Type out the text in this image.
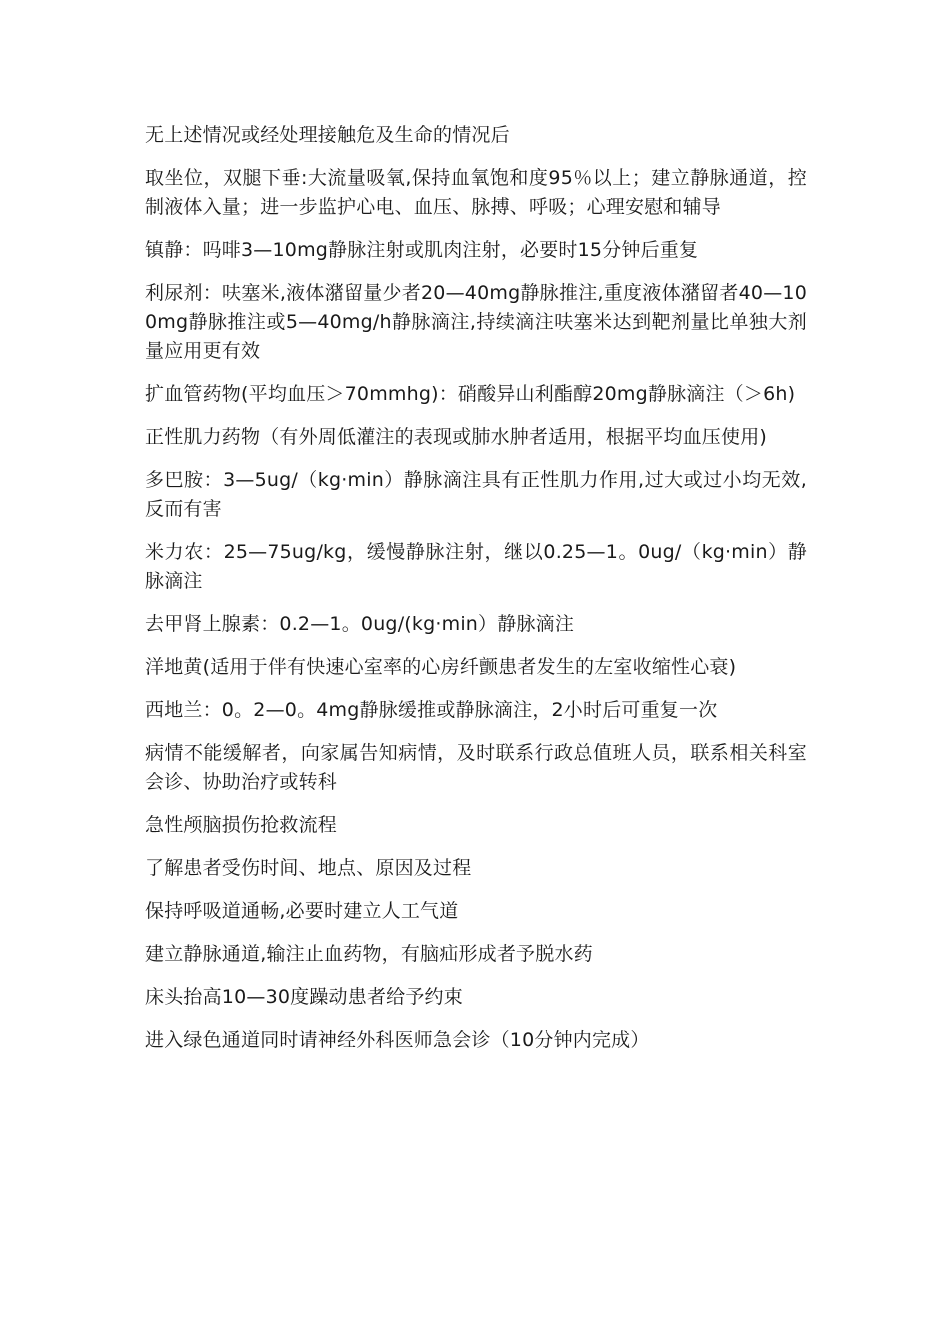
无上述情况或经处理接触危及生命的情况后

取坐位，双腿下垂:大流量吸氧,保持血氧饱和度95％以上；建立静脉通道，控制液体入量；进一步监护心电、血压、脉搏、呼吸；心理安慰和辅导

镇静：吗啡3—10mg静脉注射或肌肉注射，必要时15分钟后重复

利尿剂：呋塞米,液体潴留量少者20—40mg静脉推注,重度液体潴留者40—100mg静脉推注或5—40mg/h静脉滴注,持续滴注呋塞米达到靶剂量比单独大剂量应用更有效

扩血管药物(平均血压＞70mmhg)：硝酸异山利酯醇20mg静脉滴注（＞6h)

正性肌力药物（有外周低灌注的表现或肺水肿者适用，根据平均血压使用)

多巴胺：3—5ug/（kg·min）静脉滴注具有正性肌力作用,过大或过小均无效,反而有害

米力农：25—75ug/kg，缓慢静脉注射，继以0.25—1。0ug/（kg·min）静脉滴注

去甲肾上腺素：0.2—1。0ug/(kg·min）静脉滴注

洋地黄(适用于伴有快速心室率的心房纤颤患者发生的左室收缩性心衰)

西地兰：0。2—0。4mg静脉缓推或静脉滴注，2小时后可重复一次

病情不能缓解者，向家属告知病情，及时联系行政总值班人员，联系相关科室会诊、协助治疗或转科

急性颅脑损伤抢救流程

了解患者受伤时间、地点、原因及过程

保持呼吸道通畅,必要时建立人工气道

建立静脉通道,输注止血药物，有脑疝形成者予脱水药

床头抬高10—30度躁动患者给予约束

进入绿色通道同时请神经外科医师急会诊（10分钟内完成）
